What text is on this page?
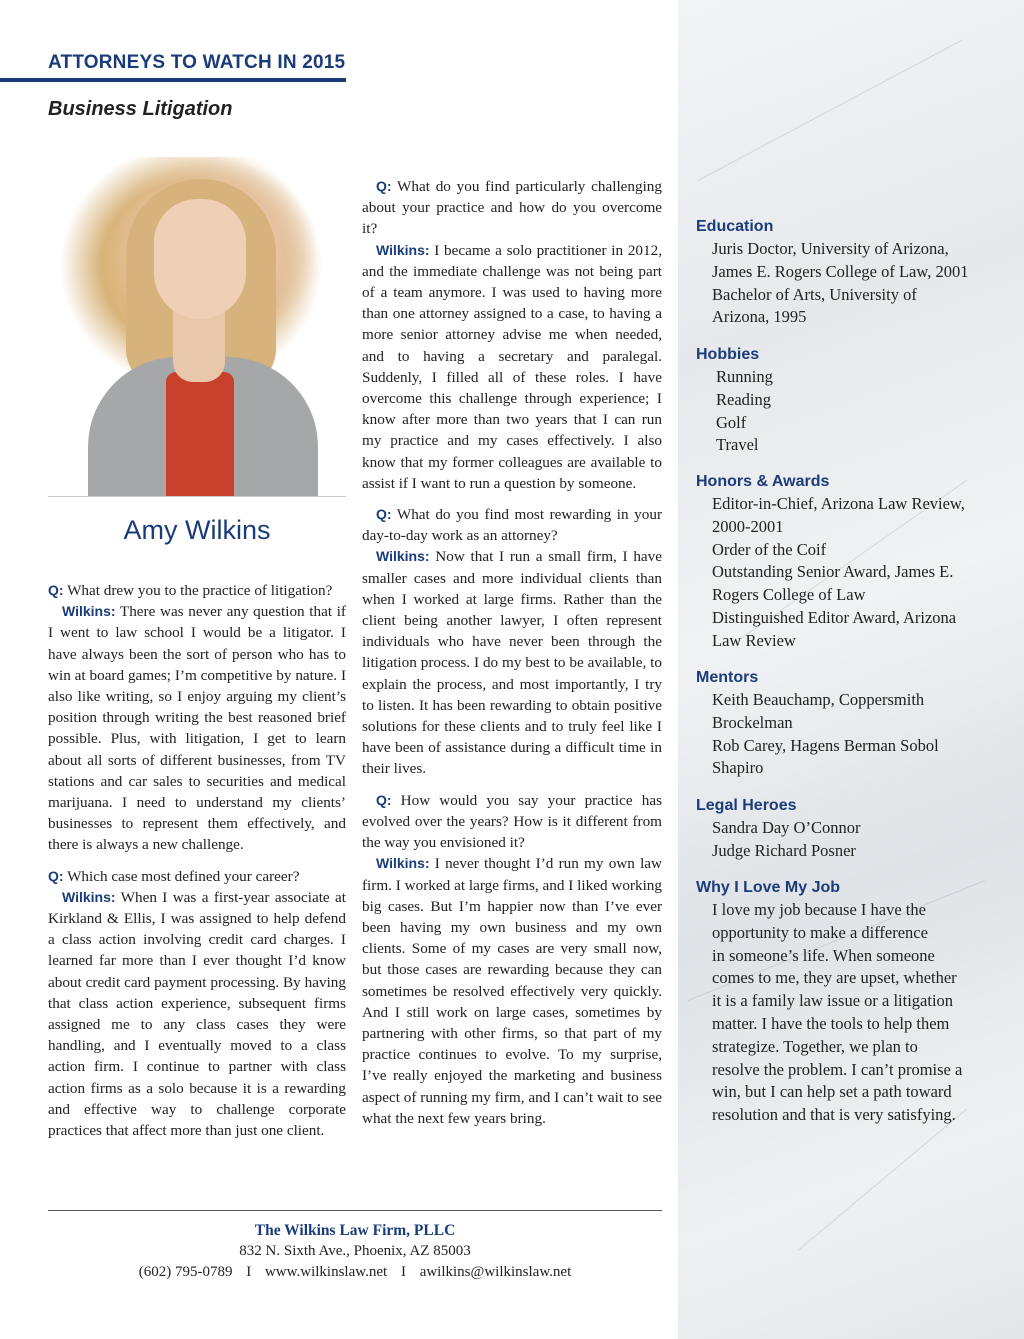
ATTORNEYS TO WATCH IN 2015
Business Litigation
Amy Wilkins

Q: What drew you to the practice of litigation?

Wilkins: There was never any question that if I went to law school I would be a litigator. I have always been the sort of person who has to win at board games; I’m competitive by nature. I also like writing, so I enjoy arguing my client’s position through writing the best reasoned brief possible. Plus, with litigation, I get to learn about all sorts of different businesses, from TV stations and car sales to securities and medical marijuana. I need to understand my clients’ businesses to represent them effectively, and there is always a new challenge.

Q: Which case most defined your career?

Wilkins: When I was a first-year associate at Kirkland & Ellis, I was assigned to help defend a class action involving credit card charges. I learned far more than I ever thought I’d know about credit card payment processing. By having that class action experience, subsequent firms assigned me to any class cases they were handling, and I eventually moved to a class action firm. I continue to partner with class action firms as a solo because it is a rewarding and effective way to challenge corporate practices that affect more than just one client.

Q: What do you find particularly challenging about your practice and how do you overcome it?

Wilkins: I became a solo practitioner in 2012, and the immediate challenge was not being part of a team anymore. I was used to having more than one attorney assigned to a case, to having a more senior attorney advise me when needed, and to having a secretary and paralegal. Suddenly, I filled all of these roles. I have overcome this challenge through experience; I know after more than two years that I can run my practice and my cases effectively. I also know that my former colleagues are available to assist if I want to run a question by someone.

Q: What do you find most rewarding in your day-to-day work as an attorney?

Wilkins: Now that I run a small firm, I have smaller cases and more individual clients than when I worked at large firms. Rather than the client being another lawyer, I often represent individuals who have never been through the litigation process. I do my best to be available, to explain the process, and most importantly, I try to listen. It has been rewarding to obtain positive solutions for these clients and to truly feel like I have been of assistance during a difficult time in their lives.

Q: How would you say your practice has evolved over the years? How is it different from the way you envisioned it?

Wilkins: I never thought I’d run my own law firm. I worked at large firms, and I liked working big cases. But I’m happier now than I’ve ever been having my own business and my own clients. Some of my cases are very small now, but those cases are rewarding because they can sometimes be resolved effectively very quickly. And I still work on large cases, sometimes by partnering with other firms, so that part of my practice continues to evolve. To my surprise, I’ve really enjoyed the marketing and business aspect of running my firm, and I can’t wait to see what the next few years bring.

Education
Juris Doctor, University of Arizona,
James E. Rogers College of Law, 2001
Bachelor of Arts, University of
Arizona, 1995
Hobbies
Running
Reading
Golf
Travel
Honors & Awards
Editor-in-Chief, Arizona Law Review,
2000-2001
Order of the Coif
Outstanding Senior Award, James E.
Rogers College of Law
Distinguished Editor Award, Arizona
Law Review
Mentors
Keith Beauchamp, Coppersmith
Brockelman
Rob Carey, Hagens Berman Sobol
Shapiro
Legal Heroes
Sandra Day O’Connor
Judge Richard Posner
Why I Love My Job
I love my job because I have the
opportunity to make a difference
in someone’s life. When someone
comes to me, they are upset, whether
it is a family law issue or a litigation
matter. I have the tools to help them
strategize. Together, we plan to
resolve the problem. I can’t promise a
win, but I can help set a path toward
resolution and that is very satisfying.
The Wilkins Law Firm, PLLC
832 N. Sixth Ave., Phoenix, AZ 85003
(602) 795-0789 I www.wilkinslaw.net I awilkins@wilkinslaw.net
